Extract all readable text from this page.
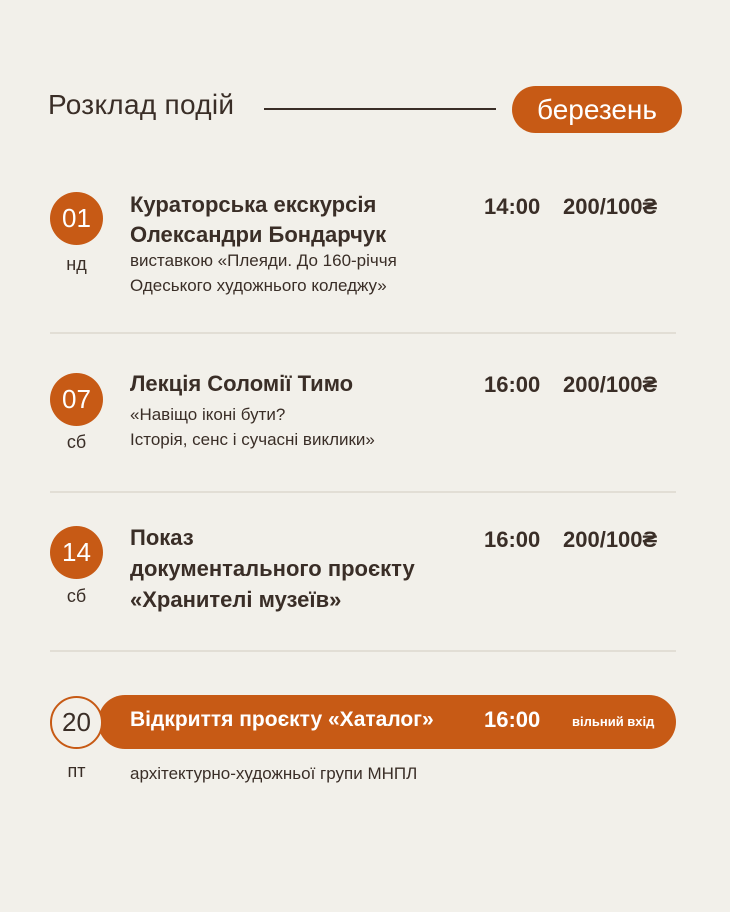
Розклад подій	березень
01
нд
Кураторська екскурсія
Олександри Бондарчук
виставкою «Плеяди. До 160-річчя
Одеського художнього коледжу»
14:00 200/100₴
07
сб
Лекція Соломії Тимо
«Навіщо іконі бути?
Історія, сенс і сучасні виклики»
16:00 200/100₴
14
сб
Показ
документального проєкту
«Хранителі музеїв»
16:00 200/100₴
20
пт
Відкриття проєкту «Хаталог» 16:00 вільний вхід
архітектурно-художньої групи МНПЛ
